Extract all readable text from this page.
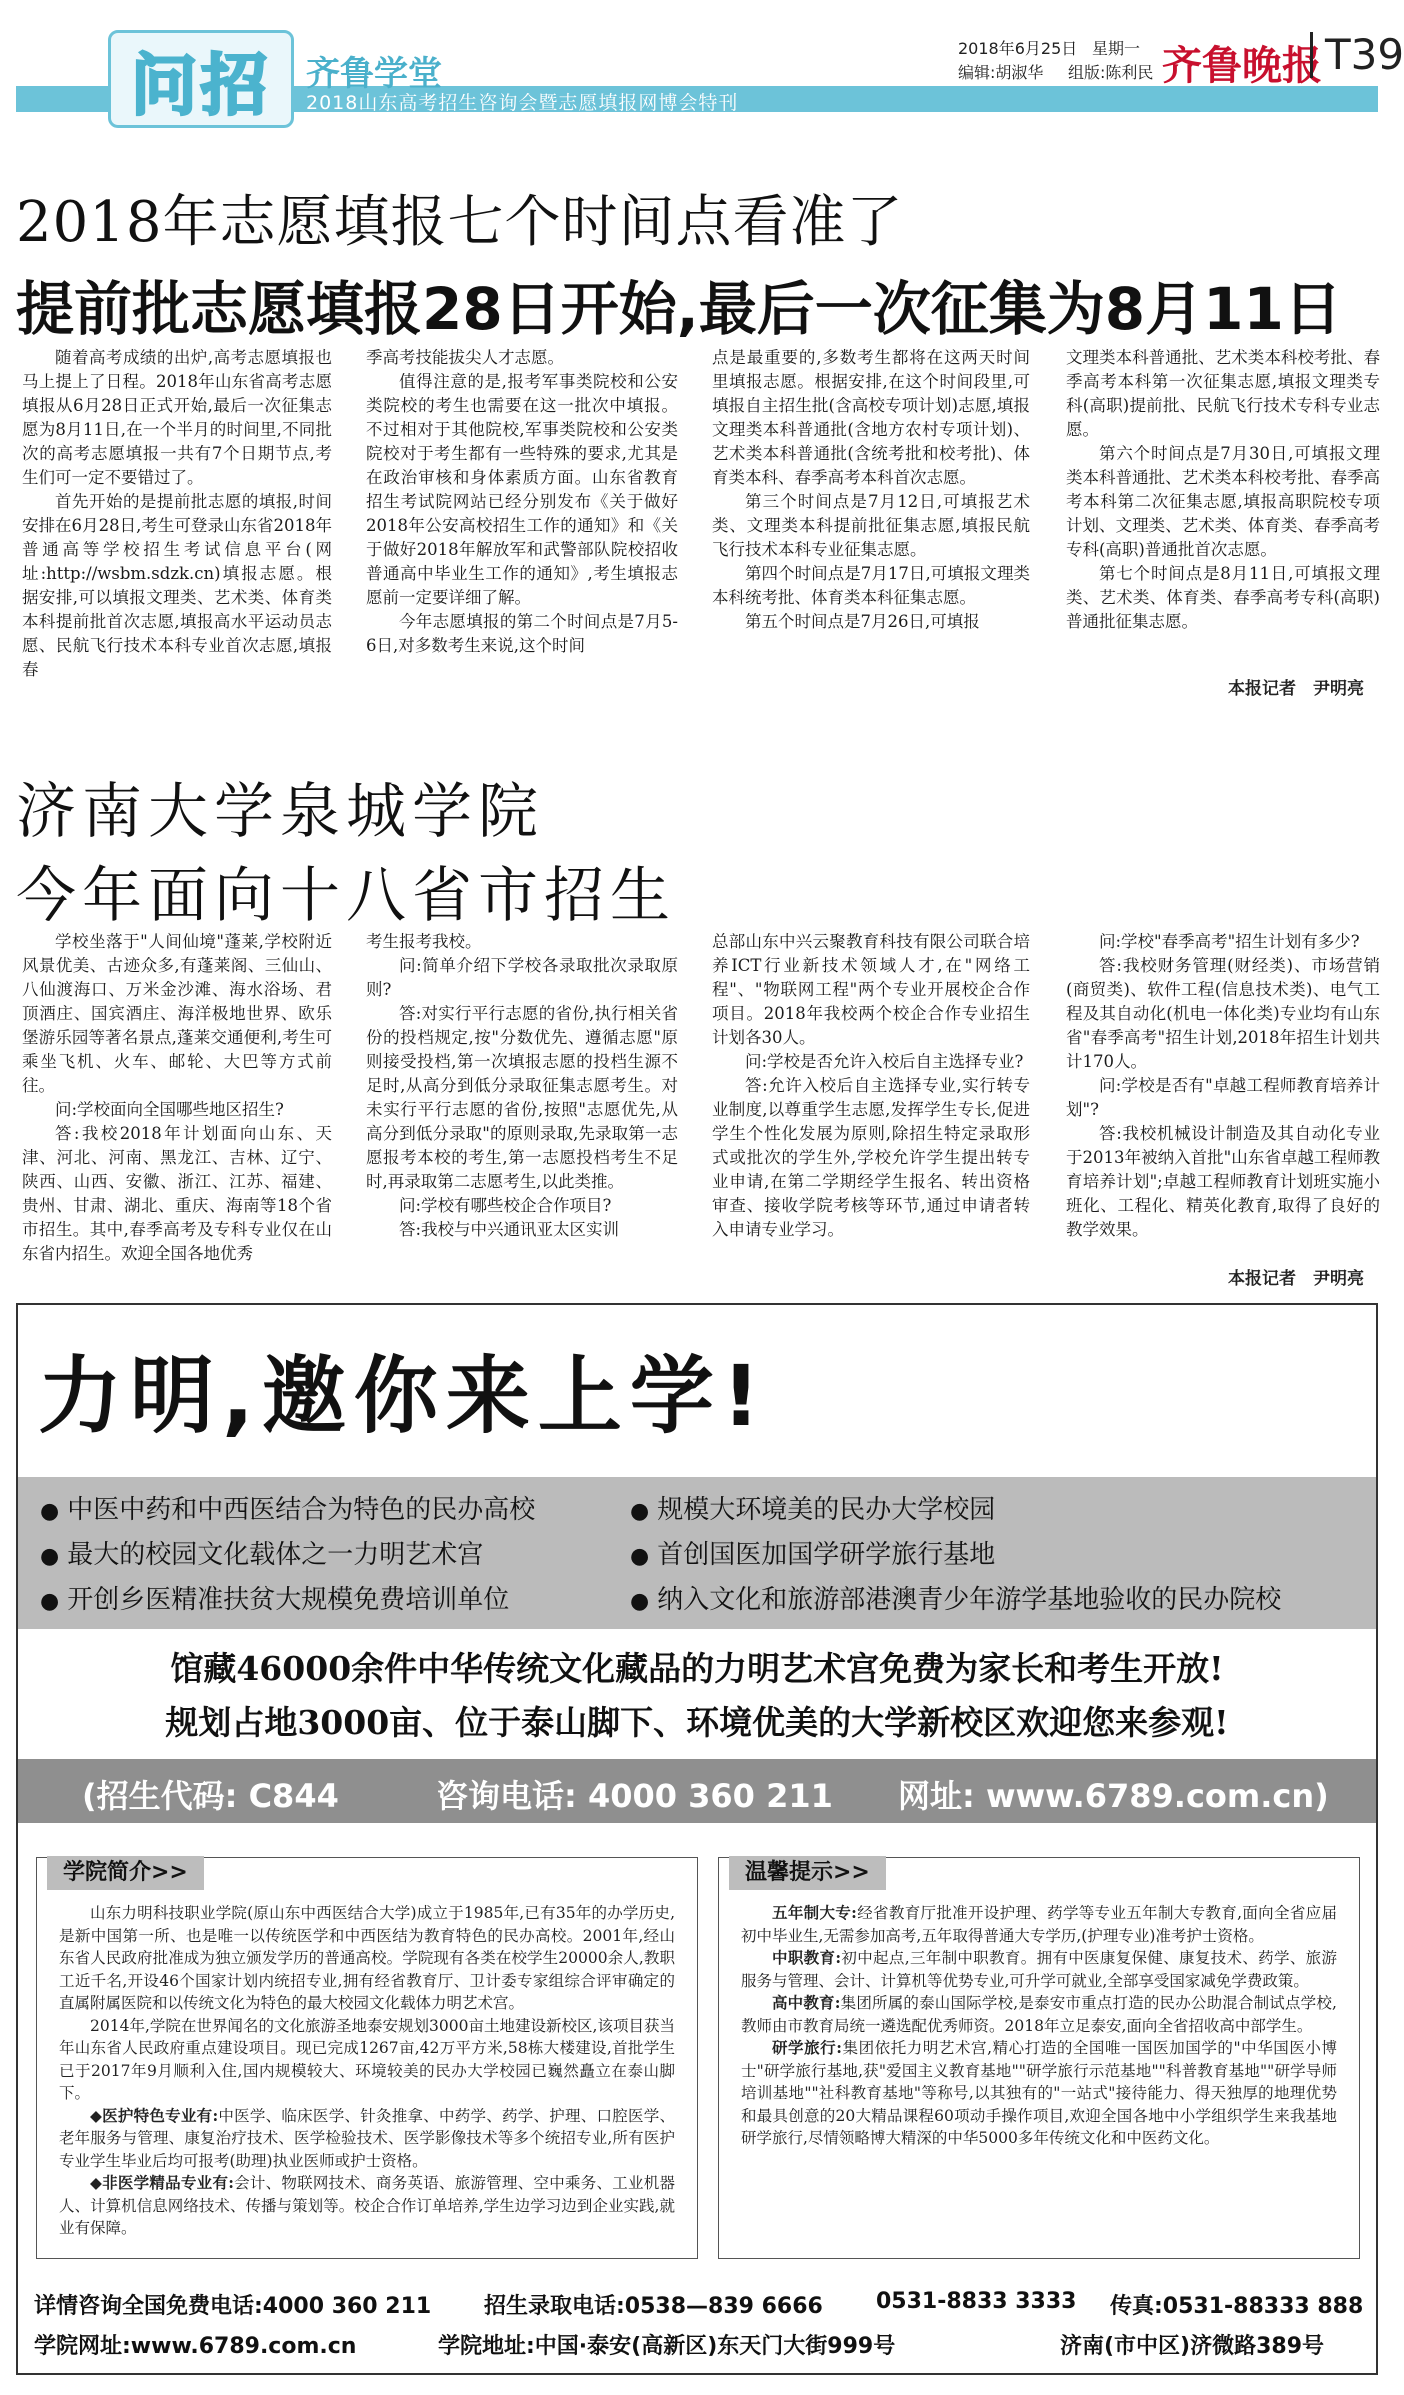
2018山东高考招生咨询会暨志愿填报网博会特刊
问招	齐鲁学堂
2018年6月25日 星期一
编辑:胡淑华 组版:陈利民 齐鲁晚报 T39
2018年志愿填报七个时间点看准了
提前批志愿填报28日开始,最后一次征集为8月11日

随着高考成绩的出炉,高考志愿填报也马上提上了日程。2018年山东省高考志愿填报从6月28日正式开始,最后一次征集志愿为8月11日,在一个半月的时间里,不同批次的高考志愿填报一共有7个日期节点,考生们可一定不要错过了。

首先开始的是提前批志愿的填报,时间安排在6月28日,考生可登录山东省2018年普通高等学校招生考试信息平台(网址:http://wsbm.sdzk.cn)填报志愿。根据安排,可以填报文理类、艺术类、体育类本科提前批首次志愿,填报高水平运动员志愿、民航飞行技术本科专业首次志愿,填报春

季高考技能拔尖人才志愿。

值得注意的是,报考军事类院校和公安类院校的考生也需要在这一批次中填报。不过相对于其他院校,军事类院校和公安类院校对于考生都有一些特殊的要求,尤其是在政治审核和身体素质方面。山东省教育招生考试院网站已经分别发布《关于做好2018年公安高校招生工作的通知》和《关于做好2018年解放军和武警部队院校招收普通高中毕业生工作的通知》,考生填报志愿前一定要详细了解。

今年志愿填报的第二个时间点是7月5-6日,对多数考生来说,这个时间

点是最重要的,多数考生都将在这两天时间里填报志愿。根据安排,在这个时间段里,可填报自主招生批(含高校专项计划)志愿,填报文理类本科普通批(含地方农村专项计划)、艺术类本科普通批(含统考批和校考批)、体育类本科、春季高考本科首次志愿。

第三个时间点是7月12日,可填报艺术类、文理类本科提前批征集志愿,填报民航飞行技术本科专业征集志愿。

第四个时间点是7月17日,可填报文理类本科统考批、体育类本科征集志愿。

第五个时间点是7月26日,可填报

文理类本科普通批、艺术类本科校考批、春季高考本科第一次征集志愿,填报文理类专科(高职)提前批、民航飞行技术专科专业志愿。

第六个时间点是7月30日,可填报文理类本科普通批、艺术类本科校考批、春季高考本科第二次征集志愿,填报高职院校专项计划、文理类、艺术类、体育类、春季高考专科(高职)普通批首次志愿。

第七个时间点是8月11日,可填报文理类、艺术类、体育类、春季高考专科(高职)普通批征集志愿。

本报记者　尹明亮
济南大学泉城学院
今年面向十八省市招生

学校坐落于"人间仙境"蓬莱,学校附近风景优美、古迹众多,有蓬莱阁、三仙山、八仙渡海口、万米金沙滩、海水浴场、君顶酒庄、国宾酒庄、海洋极地世界、欧乐堡游乐园等著名景点,蓬莱交通便利,考生可乘坐飞机、火车、邮轮、大巴等方式前往。

问:学校面向全国哪些地区招生?

答:我校2018年计划面向山东、天津、河北、河南、黑龙江、吉林、辽宁、陕西、山西、安徽、浙江、江苏、福建、贵州、甘肃、湖北、重庆、海南等18个省市招生。其中,春季高考及专科专业仅在山东省内招生。欢迎全国各地优秀

考生报考我校。

问:简单介绍下学校各录取批次录取原则?

答:对实行平行志愿的省份,执行相关省份的投档规定,按"分数优先、遵循志愿"原则接受投档,第一次填报志愿的投档生源不足时,从高分到低分录取征集志愿考生。对未实行平行志愿的省份,按照"志愿优先,从高分到低分录取"的原则录取,先录取第一志愿报考本校的考生,第一志愿投档考生不足时,再录取第二志愿考生,以此类推。

问:学校有哪些校企合作项目?

答:我校与中兴通讯亚太区实训

总部山东中兴云聚教育科技有限公司联合培养ICT行业新技术领域人才,在"网络工程"、"物联网工程"两个专业开展校企合作项目。2018年我校两个校企合作专业招生计划各30人。

问:学校是否允许入校后自主选择专业?

答:允许入校后自主选择专业,实行转专业制度,以尊重学生志愿,发挥学生专长,促进学生个性化发展为原则,除招生特定录取形式或批次的学生外,学校允许学生提出转专业申请,在第二学期经学生报名、转出资格审查、接收学院考核等环节,通过申请者转入申请专业学习。

问:学校"春季高考"招生计划有多少?

答:我校财务管理(财经类)、市场营销(商贸类)、软件工程(信息技术类)、电气工程及其自动化(机电一体化类)专业均有山东省"春季高考"招生计划,2018年招生计划共计170人。

问:学校是否有"卓越工程师教育培养计划"?

答:我校机械设计制造及其自动化专业于2013年被纳入首批"山东省卓越工程师教育培养计划";卓越工程师教育计划班实施小班化、工程化、精英化教育,取得了良好的教学效果。

本报记者　尹明亮
力明,邀你来上学!
● 中医中药和中西医结合为特色的民办高校	● 规模大环境美的民办大学校园
● 最大的校园文化载体之一力明艺术宫	● 首创国医加国学研学旅行基地
● 开创乡医精准扶贫大规模免费培训单位	● 纳入文化和旅游部港澳青少年游学基地验收的民办院校
馆藏46000余件中华传统文化藏品的力明艺术宫免费为家长和考生开放!
规划占地3000亩、位于泰山脚下、环境优美的大学新校区欢迎您来参观!
(招生代码: C844	咨询电话: 4000 360 211 网址: www.6789.com.cn)
学院简介>>

山东力明科技职业学院(原山东中西医结合大学)成立于1985年,已有35年的办学历史,是新中国第一所、也是唯一以传统医学和中西医结为教育特色的民办高校。2001年,经山东省人民政府批准成为独立颁发学历的普通高校。学院现有各类在校学生20000余人,教职工近千名,开设46个国家计划内统招专业,拥有经省教育厅、卫计委专家组综合评审确定的直属附属医院和以传统文化为特色的最大校园文化载体力明艺术宫。

2014年,学院在世界闻名的文化旅游圣地泰安规划3000亩土地建设新校区,该项目获当年山东省人民政府重点建设项目。现已完成1267亩,42万平方米,58栋大楼建设,首批学生已于2017年9月顺利入住,国内规模较大、环境较美的民办大学校园已巍然矗立在泰山脚下。

◆医护特色专业有:中医学、临床医学、针灸推拿、中药学、药学、护理、口腔医学、老年服务与管理、康复治疗技术、医学检验技术、医学影像技术等多个统招专业,所有医护专业学生毕业后均可报考(助理)执业医师或护士资格。

◆非医学精品专业有:会计、物联网技术、商务英语、旅游管理、空中乘务、工业机器人、计算机信息网络技术、传播与策划等。校企合作订单培养,学生边学习边到企业实践,就业有保障。

温馨提示>>

五年制大专:经省教育厅批准开设护理、药学等专业五年制大专教育,面向全省应届初中毕业生,无需参加高考,五年取得普通大专学历,(护理专业)准考护士资格。

中职教育:初中起点,三年制中职教育。拥有中医康复保健、康复技术、药学、旅游服务与管理、会计、计算机等优势专业,可升学可就业,全部享受国家减免学费政策。

高中教育:集团所属的泰山国际学校,是泰安市重点打造的民办公助混合制试点学校,教师由市教育局统一遴选配优秀师资。2018年立足泰安,面向全省招收高中部学生。

研学旅行:集团依托力明艺术宫,精心打造的全国唯一国医加国学的"中华国医小博士"研学旅行基地,获"爱国主义教育基地""研学旅行示范基地""科普教育基地""研学导师培训基地""社科教育基地"等称号,以其独有的"一站式"接待能力、得天独厚的地理优势和最具创意的20大精品课程60项动手操作项目,欢迎全国各地中小学组织学生来我基地研学旅行,尽情领略博大精深的中华5000多年传统文化和中医药文化。

详情咨询全国免费电话:4000 360 211 招生录取电话:0538—839 6666 0531-8833 3333 传真:0531-88333 888
学院网址:www.6789.com.cn	学院地址:中国·泰安(高新区)东天门大街999号	济南(市中区)济微路389号
